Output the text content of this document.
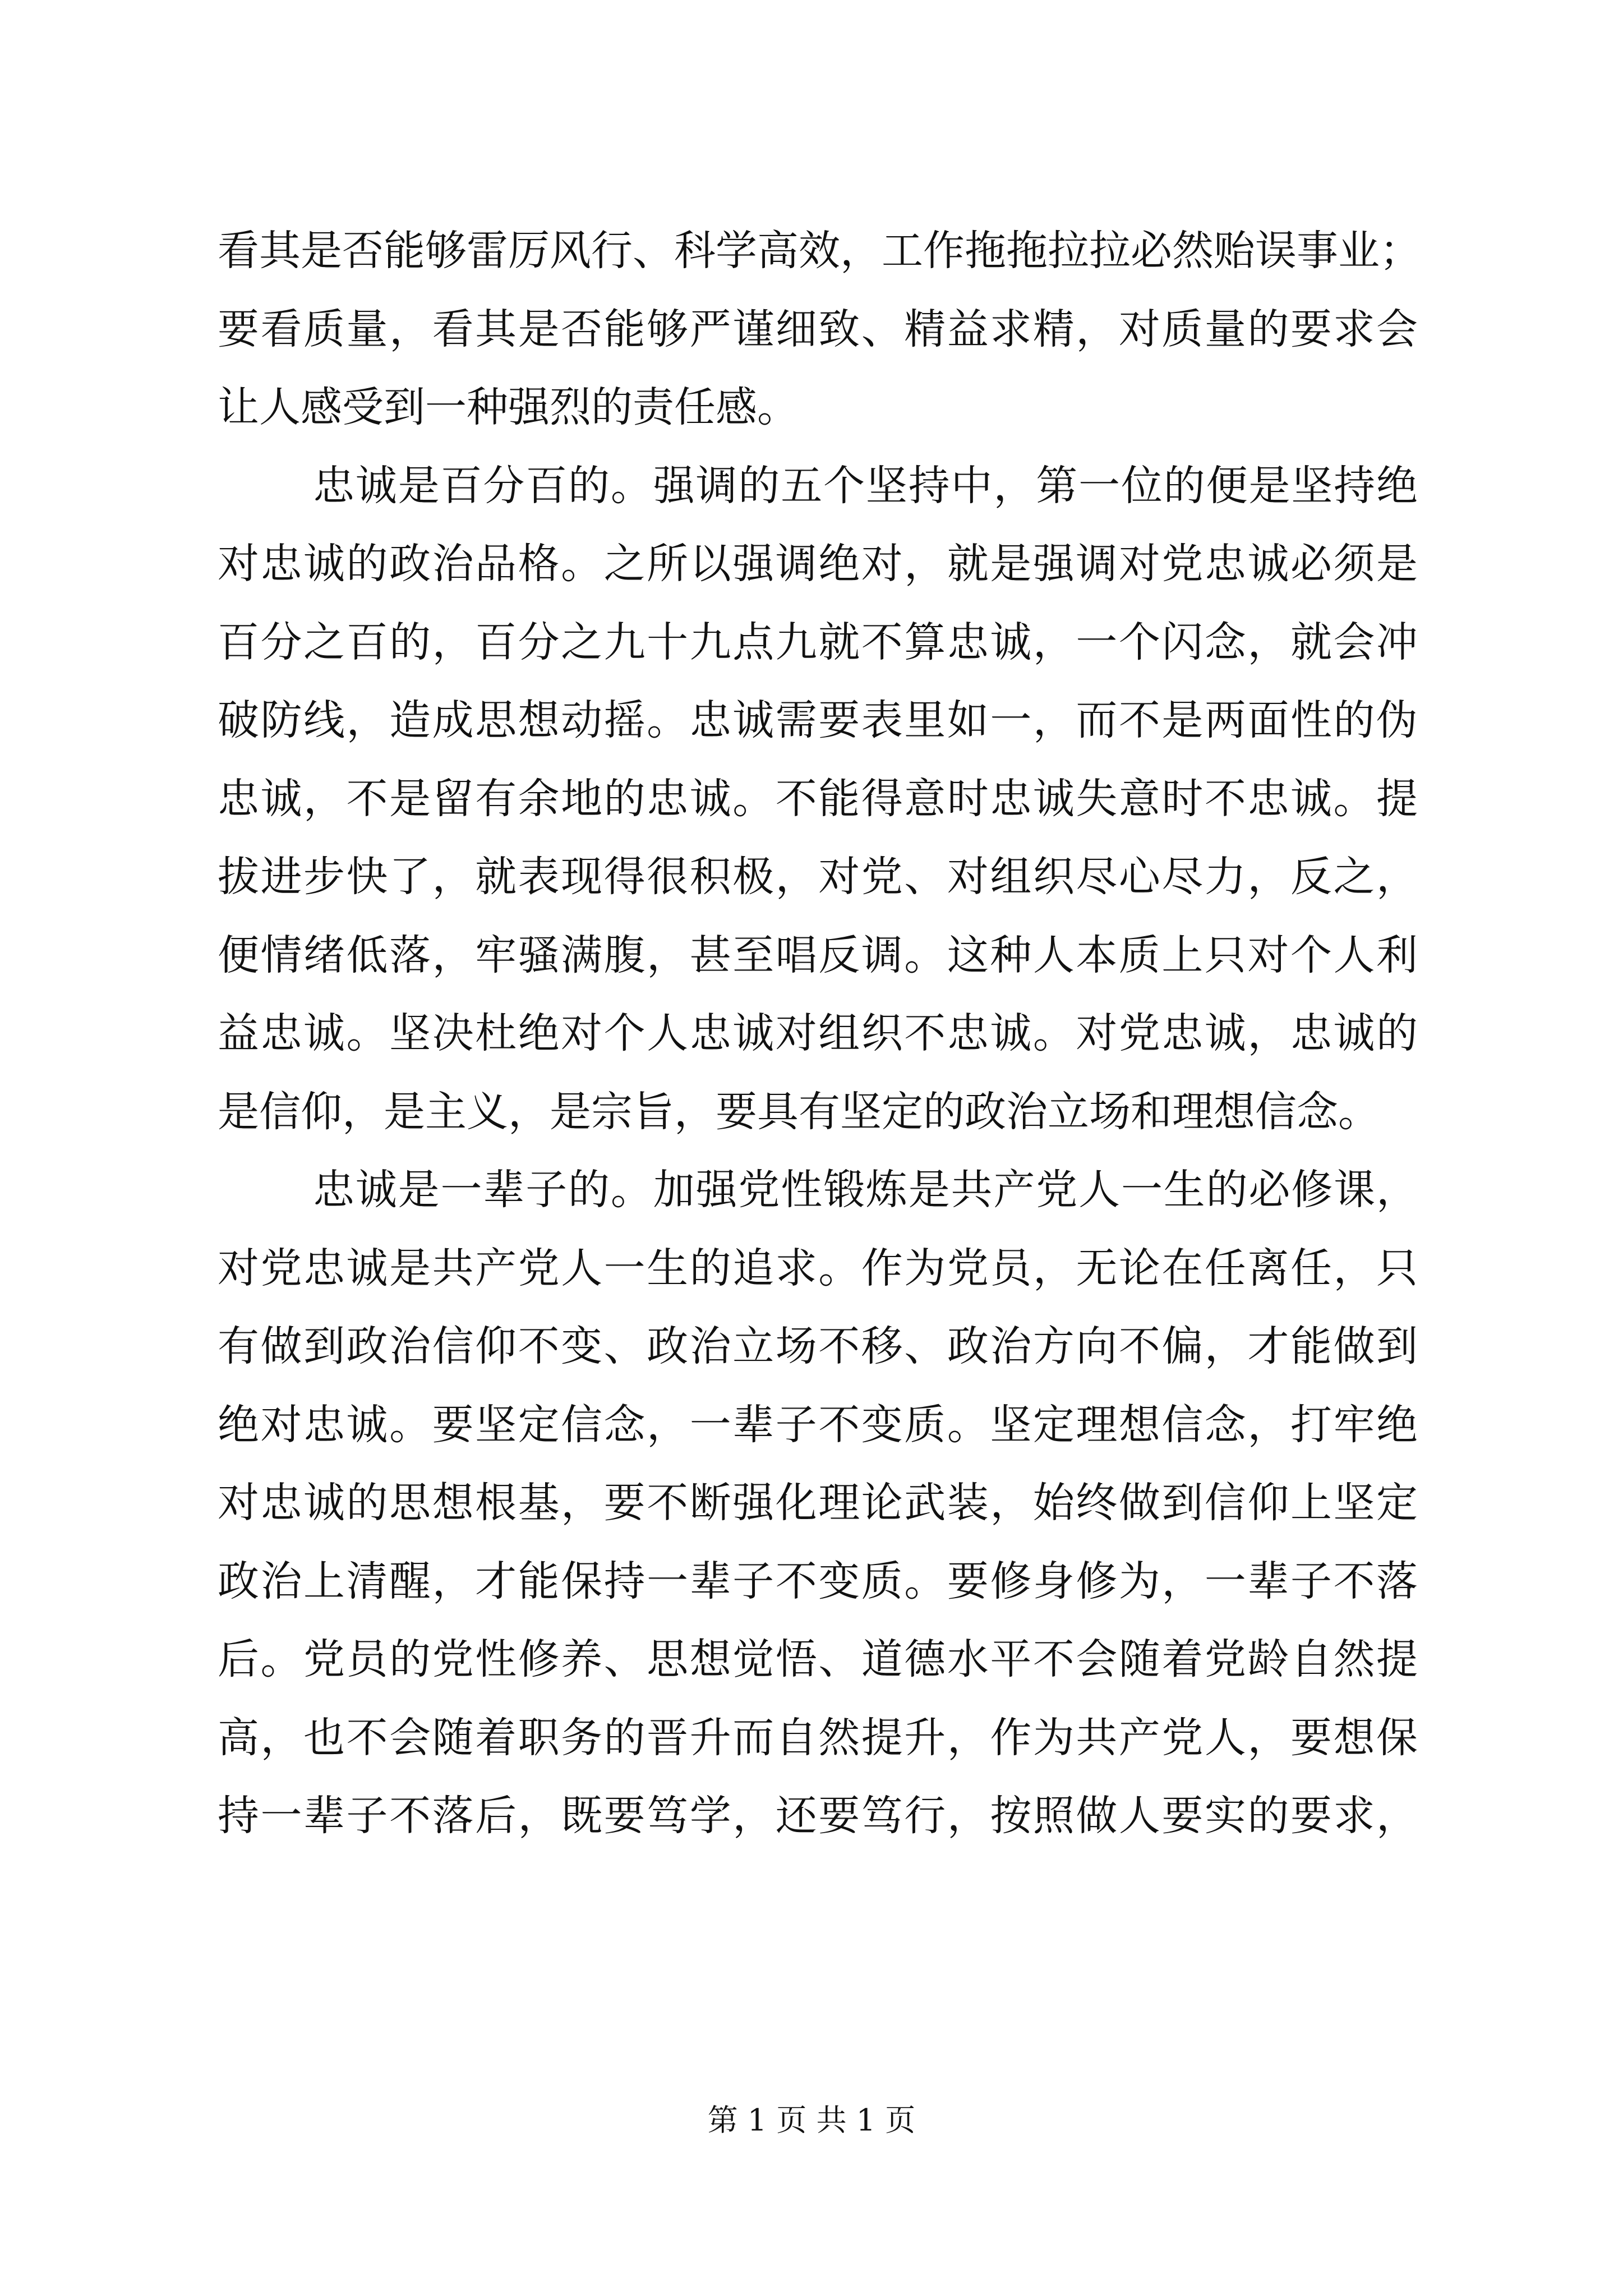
看其是否能够雷厉风行、科学高效，工作拖拖拉拉必然贻误事业；
要看质量，看其是否能够严谨细致、精益求精，对质量的要求会
让人感受到一种强烈的责任感。
忠诚是百分百的。强调的五个坚持中，第一位的便是坚持绝
对忠诚的政治品格。之所以强调绝对，就是强调对党忠诚必须是
百分之百的，百分之九十九点九就不算忠诚，一个闪念，就会冲
破防线，造成思想动摇。忠诚需要表里如一，而不是两面性的伪
忠诚，不是留有余地的忠诚。不能得意时忠诚失意时不忠诚。提
拔进步快了，就表现得很积极，对党、对组织尽心尽力，反之，
便情绪低落，牢骚满腹，甚至唱反调。这种人本质上只对个人利
益忠诚。坚决杜绝对个人忠诚对组织不忠诚。对党忠诚，忠诚的
是信仰，是主义，是宗旨，要具有坚定的政治立场和理想信念。
忠诚是一辈子的。加强党性锻炼是共产党人一生的必修课，
对党忠诚是共产党人一生的追求。作为党员，无论在任离任，只
有做到政治信仰不变、政治立场不移、政治方向不偏，才能做到
绝对忠诚。要坚定信念，一辈子不变质。坚定理想信念，打牢绝
对忠诚的思想根基，要不断强化理论武装，始终做到信仰上坚定
政治上清醒，才能保持一辈子不变质。要修身修为，一辈子不落
后。党员的党性修养、思想觉悟、道德水平不会随着党龄自然提
高，也不会随着职务的晋升而自然提升，作为共产党人，要想保
持一辈子不落后，既要笃学，还要笃行，按照做人要实的要求，
第 1 页 共 1 页
